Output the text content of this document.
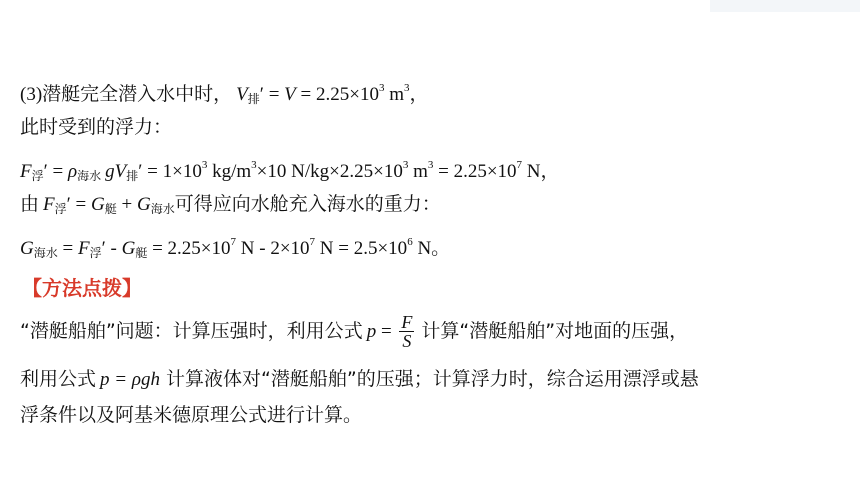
(3)潜艇完全潜入水中时， $V_排' = V = 2.25\times 10^3$ $m^3$，
此时受到的浮力：
$F_浮' = \rho_{海水}$ $gV_排' = 1\times 10^3$ $kg/m^3\times 10$ $N/kg\times 2.25\times 10^3$ $m^3 = 2.25\times 10^7$ N，
由 $F_浮' = G_艇 + G_{海水}$可得应向水舱充入海水的重力：
$G_{海水} = F_浮' - G_艇 = 2.25\times 10^7$ $N - 2\times 10^7$ $N = 2.5\times 10^6$ N。
【方法点拨】
“潜艇船舶”问题：计算压强时，利用公式 $p = \frac{F}{S}$ 计算“潜艇船舶”对地面的压强，
利用公式 p = ρgh 计算液体对“潜艇船舶”的压强；计算浮力时，综合运用漂浮或悬
浮条件以及阿基米德原理公式进行计算。
